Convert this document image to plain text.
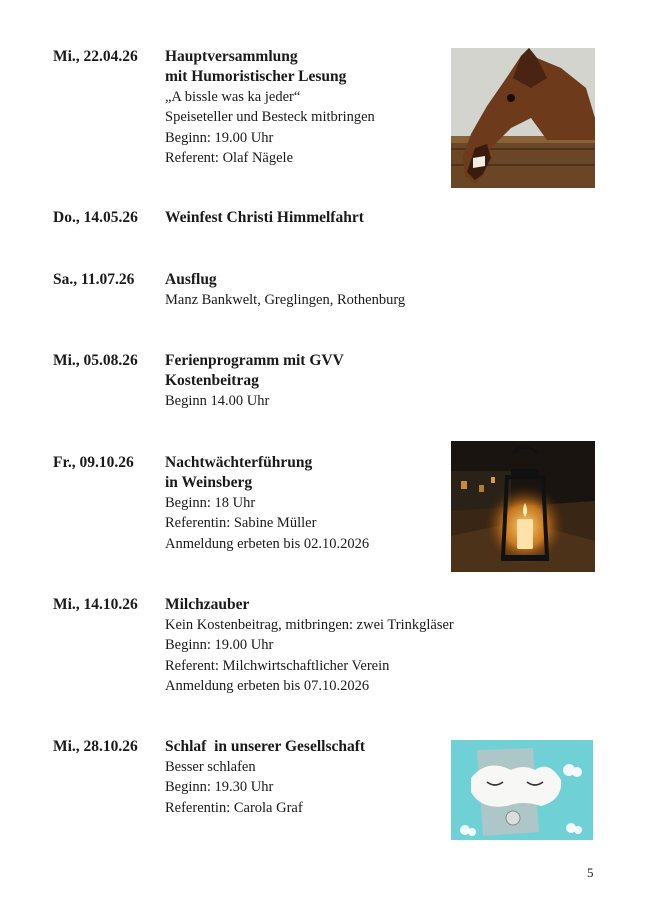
Mi., 22.04.26 Hauptversammlung
mit Humoristischer Lesung
„A bissle was ka jeder“
Speiseteller und Besteck mitbringen
Beginn: 19.00 Uhr
Referent: Olaf Nägele
Do., 14.05.26 Weinfest Christi Himmelfahrt
Sa., 11.07.26 Ausflug
Manz Bankwelt, Greglingen, Rothenburg
Mi., 05.08.26 Ferienprogramm mit GVV
Kostenbeitrag
Beginn 14.00 Uhr
Fr., 09.10.26 Nachtwächterführung
in Weinsberg
Beginn: 18 Uhr
Referentin: Sabine Müller
Anmeldung erbeten bis 02.10.2026
Mi., 14.10.26 Milchzauber
Kein Kostenbeitrag, mitbringen: zwei Trinkgläser
Beginn: 19.00 Uhr
Referent: Milchwirtschaftlicher Verein
Anmeldung erbeten bis 07.10.2026
Mi., 28.10.26 Schlaf  in unserer Gesellschaft
Besser schlafen
Beginn: 19.30 Uhr
Referentin: Carola Graf
5
